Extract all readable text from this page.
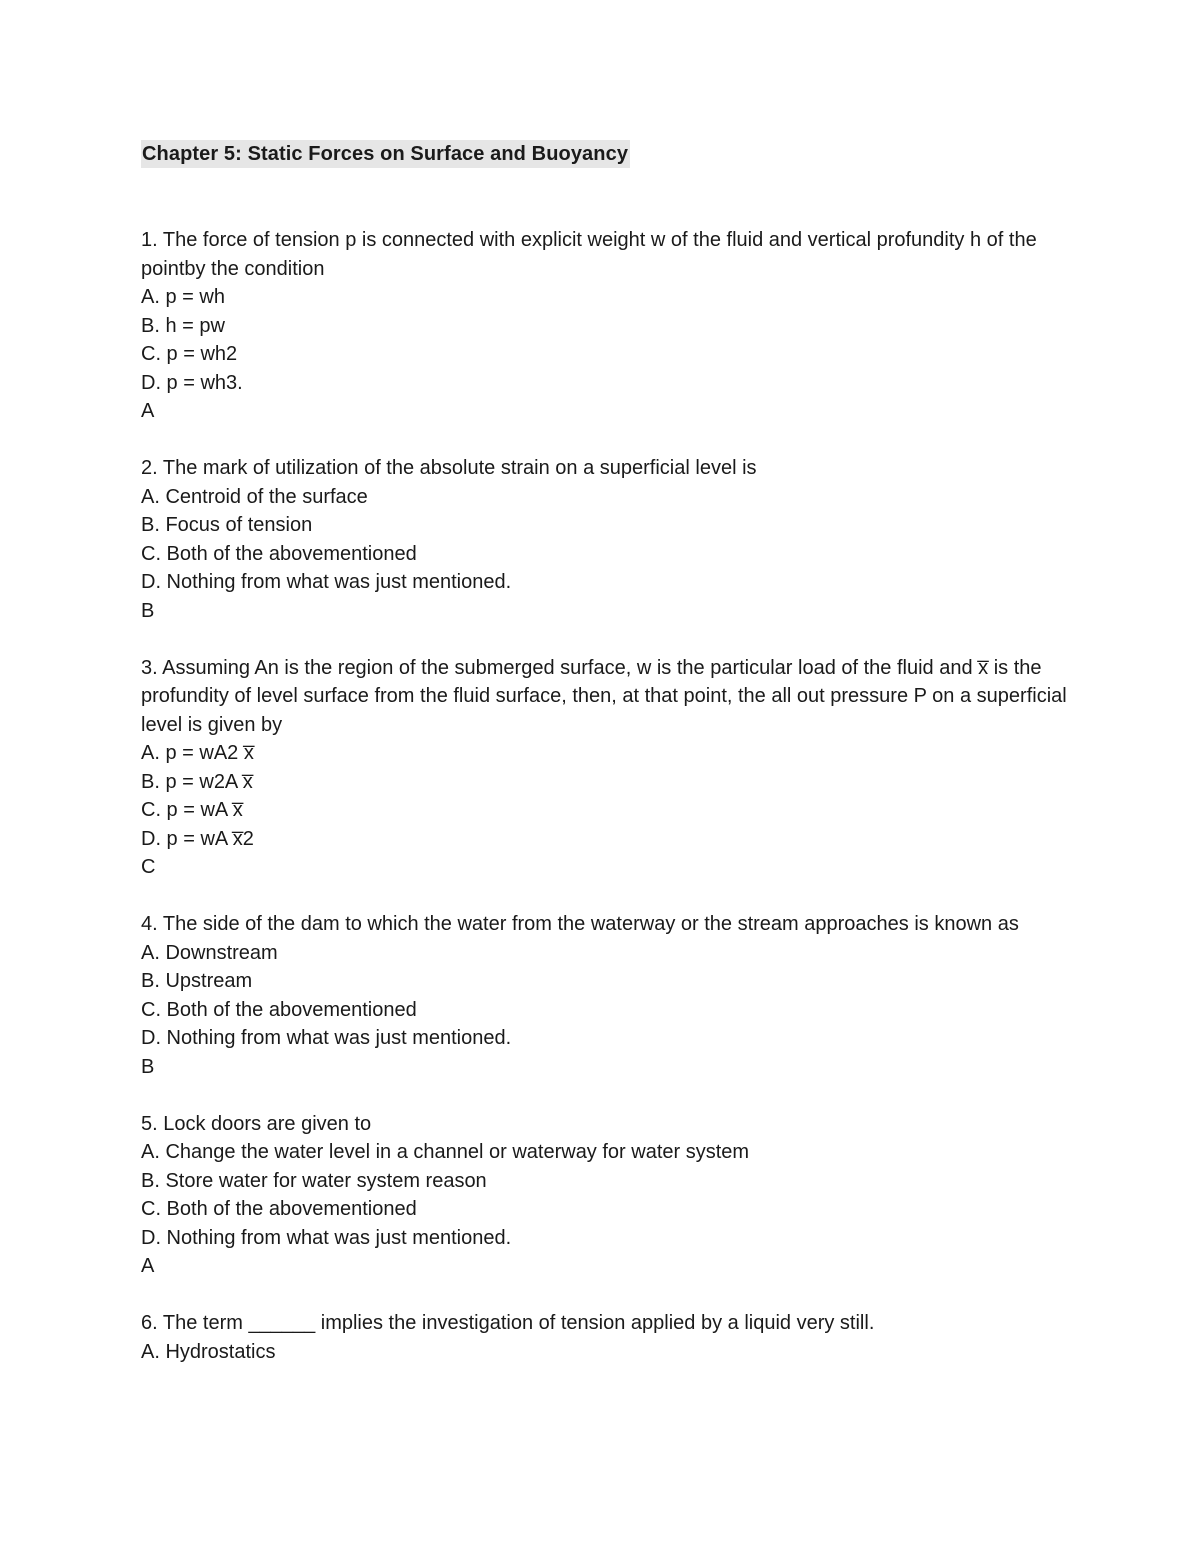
Chapter 5: Static Forces on Surface and Buoyancy

1. The force of tension p is connected with explicit weight w of the fluid and vertical profundity h of the pointby the condition

A. p = wh

B. h = pw

C. p = wh2

D. p = wh3.

A

2. The mark of utilization of the absolute strain on a superficial level is

A. Centroid of the surface

B. Focus of tension

C. Both of the abovementioned

D. Nothing from what was just mentioned.

B

3. Assuming An is the region of the submerged surface, w is the particular load of the fluid and x̅ is the profundity of level surface from the fluid surface, then, at that point, the all out pressure P on a superficial level is given by

A. p = wA2 x̅

B. p = w2A x̅

C. p = wA x̅

D. p = wA x̅2

C

4. The side of the dam to which the water from the waterway or the stream approaches is known as

A. Downstream

B. Upstream

C. Both of the abovementioned

D. Nothing from what was just mentioned.

B

5. Lock doors are given to

A. Change the water level in a channel or waterway for water system

B. Store water for water system reason

C. Both of the abovementioned

D. Nothing from what was just mentioned.

A

6. The term ______ implies the investigation of tension applied by a liquid very still.

A. Hydrostatics
